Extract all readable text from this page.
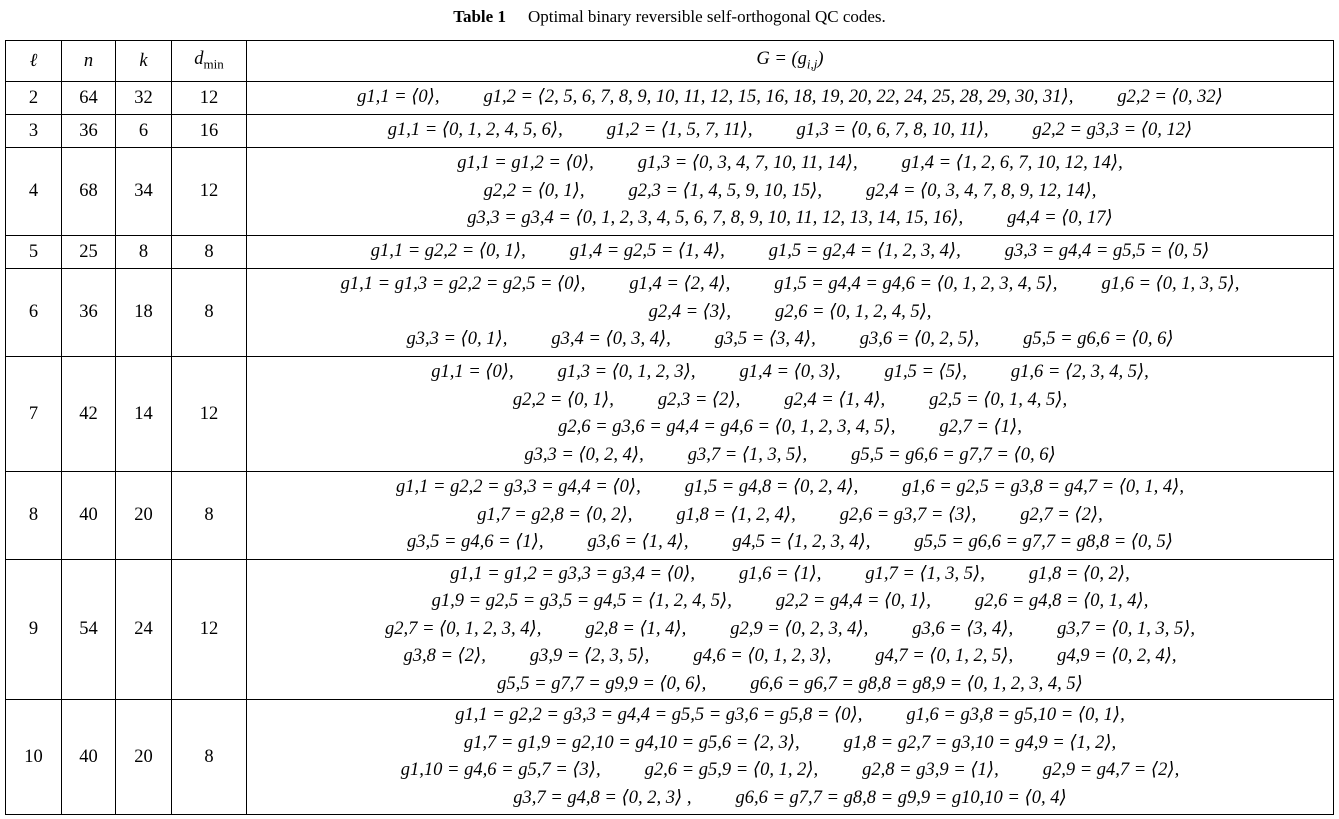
Table 1 Optimal binary reversible self-orthogonal QC codes.
ℓ	n	k	$d_{min}$	$G = (g_{i,j})$
2	64	32	12	g1,1 = ⟨0⟩, g1,2 = ⟨2, 5, 6, 7, 8, 9, 10, 11, 12, 15, 16, 18, 19, 20, 22, 24, 25, 28, 29, 30, 31⟩, g2,2 = ⟨0, 32⟩

3	36	6	16	g1,1 = ⟨0, 1, 2, 4, 5, 6⟩, g1,2 = ⟨1, 5, 7, 11⟩, g1,3 = ⟨0, 6, 7, 8, 10, 11⟩, g2,2 = g3,3 = ⟨0, 12⟩

4	68	34	12	g1,1 = g1,2 = ⟨0⟩, g1,3 = ⟨0, 3, 4, 7, 10, 11, 14⟩, g1,4 = ⟨1, 2, 6, 7, 10, 12, 14⟩,
g2,2 = ⟨0, 1⟩, g2,3 = ⟨1, 4, 5, 9, 10, 15⟩, g2,4 = ⟨0, 3, 4, 7, 8, 9, 12, 14⟩,
g3,3 = g3,4 = ⟨0, 1, 2, 3, 4, 5, 6, 7, 8, 9, 10, 11, 12, 13, 14, 15, 16⟩, g4,4 = ⟨0, 17⟩

5	25	8	8	g1,1 = g2,2 = ⟨0, 1⟩, g1,4 = g2,5 = ⟨1, 4⟩, g1,5 = g2,4 = ⟨1, 2, 3, 4⟩, g3,3 = g4,4 = g5,5 = ⟨0, 5⟩

6	36	18	8	g1,1 = g1,3 = g2,2 = g2,5 = ⟨0⟩, g1,4 = ⟨2, 4⟩, g1,5 = g4,4 = g4,6 = ⟨0, 1, 2, 3, 4, 5⟩, g1,6 = ⟨0, 1, 3, 5⟩,
g2,4 = ⟨3⟩, g2,6 = ⟨0, 1, 2, 4, 5⟩,
g3,3 = ⟨0, 1⟩, g3,4 = ⟨0, 3, 4⟩, g3,5 = ⟨3, 4⟩, g3,6 = ⟨0, 2, 5⟩, g5,5 = g6,6 = ⟨0, 6⟩

7	42	14	12	g1,1 = ⟨0⟩, g1,3 = ⟨0, 1, 2, 3⟩, g1,4 = ⟨0, 3⟩, g1,5 = ⟨5⟩, g1,6 = ⟨2, 3, 4, 5⟩,
g2,2 = ⟨0, 1⟩, g2,3 = ⟨2⟩, g2,4 = ⟨1, 4⟩, g2,5 = ⟨0, 1, 4, 5⟩,
g2,6 = g3,6 = g4,4 = g4,6 = ⟨0, 1, 2, 3, 4, 5⟩, g2,7 = ⟨1⟩,
g3,3 = ⟨0, 2, 4⟩, g3,7 = ⟨1, 3, 5⟩, g5,5 = g6,6 = g7,7 = ⟨0, 6⟩

8	40	20	8	g1,1 = g2,2 = g3,3 = g4,4 = ⟨0⟩, g1,5 = g4,8 = ⟨0, 2, 4⟩, g1,6 = g2,5 = g3,8 = g4,7 = ⟨0, 1, 4⟩,
g1,7 = g2,8 = ⟨0, 2⟩, g1,8 = ⟨1, 2, 4⟩, g2,6 = g3,7 = ⟨3⟩, g2,7 = ⟨2⟩,
g3,5 = g4,6 = ⟨1⟩, g3,6 = ⟨1, 4⟩, g4,5 = ⟨1, 2, 3, 4⟩, g5,5 = g6,6 = g7,7 = g8,8 = ⟨0, 5⟩

9	54	24	12	g1,1 = g1,2 = g3,3 = g3,4 = ⟨0⟩, g1,6 = ⟨1⟩, g1,7 = ⟨1, 3, 5⟩, g1,8 = ⟨0, 2⟩,
g1,9 = g2,5 = g3,5 = g4,5 = ⟨1, 2, 4, 5⟩, g2,2 = g4,4 = ⟨0, 1⟩, g2,6 = g4,8 = ⟨0, 1, 4⟩,
g2,7 = ⟨0, 1, 2, 3, 4⟩, g2,8 = ⟨1, 4⟩, g2,9 = ⟨0, 2, 3, 4⟩, g3,6 = ⟨3, 4⟩, g3,7 = ⟨0, 1, 3, 5⟩,
g3,8 = ⟨2⟩, g3,9 = ⟨2, 3, 5⟩, g4,6 = ⟨0, 1, 2, 3⟩, g4,7 = ⟨0, 1, 2, 5⟩, g4,9 = ⟨0, 2, 4⟩,
g5,5 = g7,7 = g9,9 = ⟨0, 6⟩, g6,6 = g6,7 = g8,8 = g8,9 = ⟨0, 1, 2, 3, 4, 5⟩

10	40	20	8	g1,1 = g2,2 = g3,3 = g4,4 = g5,5 = g3,6 = g5,8 = ⟨0⟩, g1,6 = g3,8 = g5,10 = ⟨0, 1⟩,
g1,7 = g1,9 = g2,10 = g4,10 = g5,6 = ⟨2, 3⟩, g1,8 = g2,7 = g3,10 = g4,9 = ⟨1, 2⟩,
g1,10 = g4,6 = g5,7 = ⟨3⟩, g2,6 = g5,9 = ⟨0, 1, 2⟩, g2,8 = g3,9 = ⟨1⟩, g2,9 = g4,7 = ⟨2⟩,
g3,7 = g4,8 = ⟨0, 2, 3⟩ , g6,6 = g7,7 = g8,8 = g9,9 = g10,10 = ⟨0, 4⟩
